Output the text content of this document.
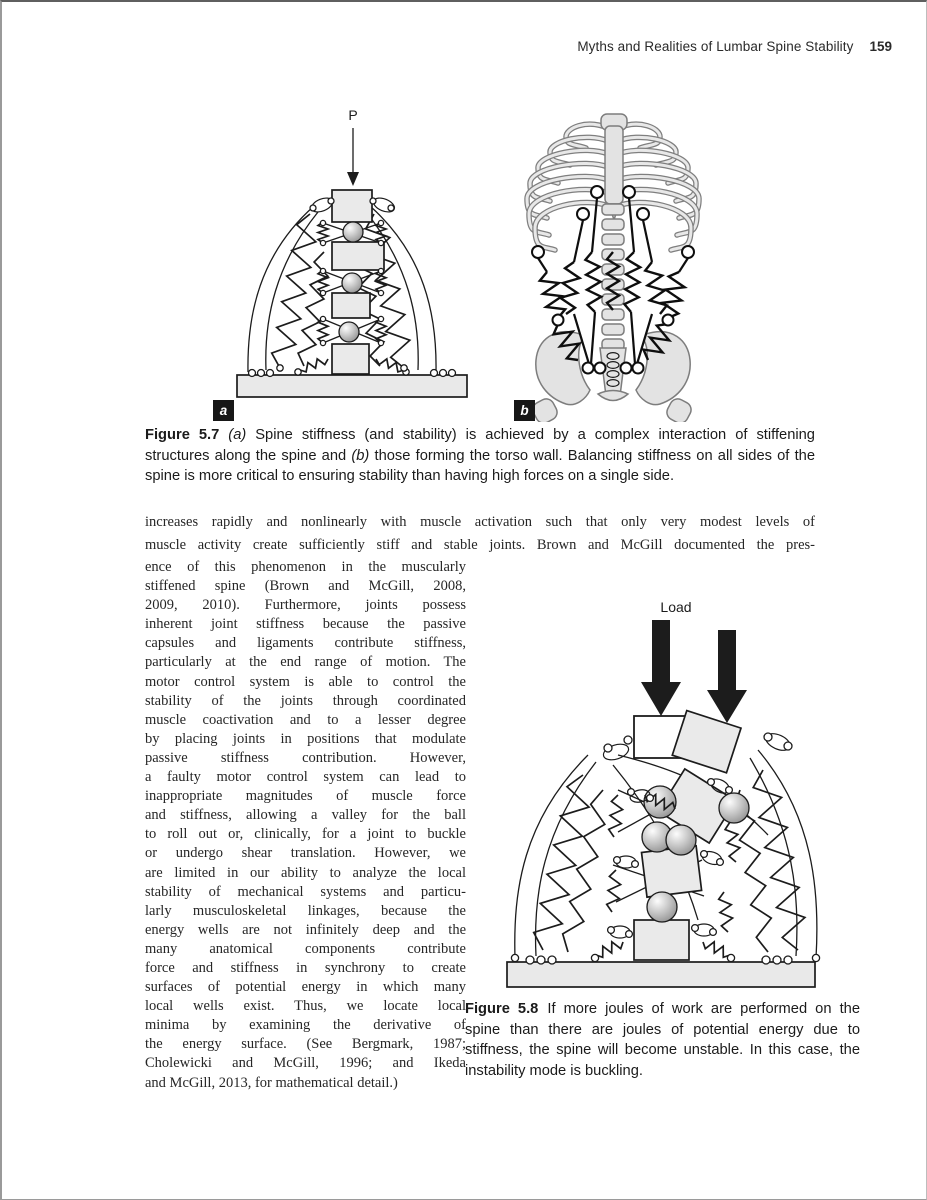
Myths and Realities of Lumbar Spine Stability 159
P
a	b
Figure 5.7 (a) Spine stiffness (and stability) is achieved by a complex interaction of stiffening structures along the spine and (b) those forming the torso wall. Balancing stiffness on all sides of the spine is more critical to ensuring stability than having high forces on a single side.
increases rapidly and nonlinearly with muscle activation such that only very modest levels of
muscle activity create sufficiently stiff and stable joints. Brown and McGill documented the pres-
ence of this phenomenon in the muscularly
stiffened spine (Brown and McGill, 2008,
2009, 2010). Furthermore, joints possess
inherent joint stiffness because the passive
capsules and ligaments contribute stiffness,
particularly at the end range of motion. The
motor control system is able to control the
stability of the joints through coordinated
muscle coactivation and to a lesser degree
by placing joints in positions that modulate
passive stiffness contribution. However,
a faulty motor control system can lead to
inappropriate magnitudes of muscle force
and stiffness, allowing a valley for the ball
to roll out or, clinically, for a joint to buckle
or undergo shear translation. However, we
are limited in our ability to analyze the local
stability of mechanical systems and particu-
larly musculoskeletal linkages, because the
energy wells are not infinitely deep and the
many anatomical components contribute
force and stiffness in synchrony to create
surfaces of potential energy in which many
local wells exist. Thus, we locate local
minima by examining the derivative of
the energy surface. (See Bergmark, 1987;
Cholewicki and McGill, 1996; and Ikeda
and McGill, 2013, for mathematical detail.)
Load
Figure 5.8 If more joules of work are performed on the spine than there are joules of potential energy due to stiffness, the spine will become unstable. In this case, the instability mode is buckling.
